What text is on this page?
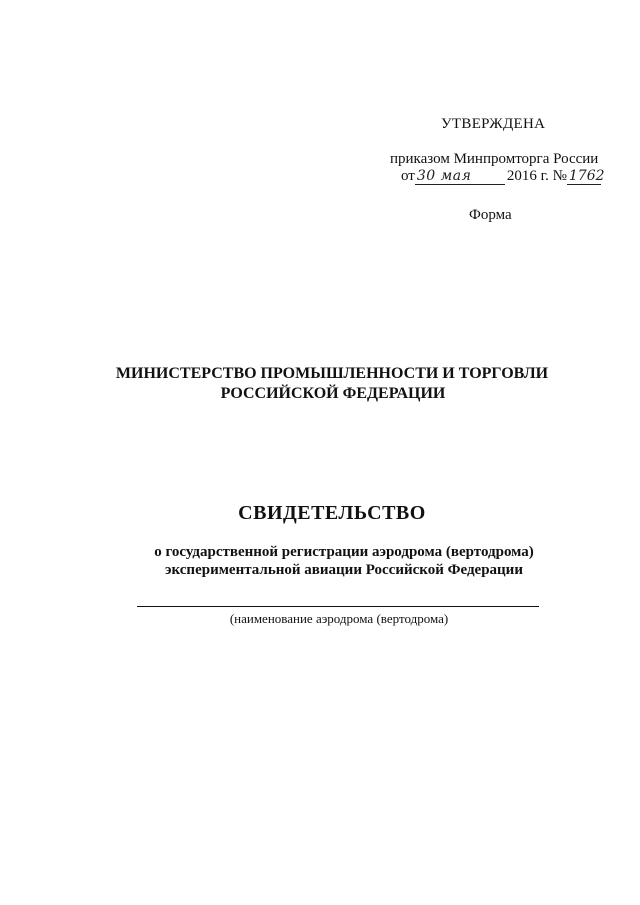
УТВЕРЖДЕНА
приказом Минпромторга России
от 30 мая	2016 г. № 1762
Форма
МИНИСТЕРСТВО ПРОМЫШЛЕННОСТИ И ТОРГОВЛИ
РОССИЙСКОЙ ФЕДЕРАЦИИ
СВИДЕТЕЛЬСТВО
о государственной регистрации аэродрома (вертодрома)
экспериментальной авиации Российской Федерации
(наименование аэродрома (вертодрома)
